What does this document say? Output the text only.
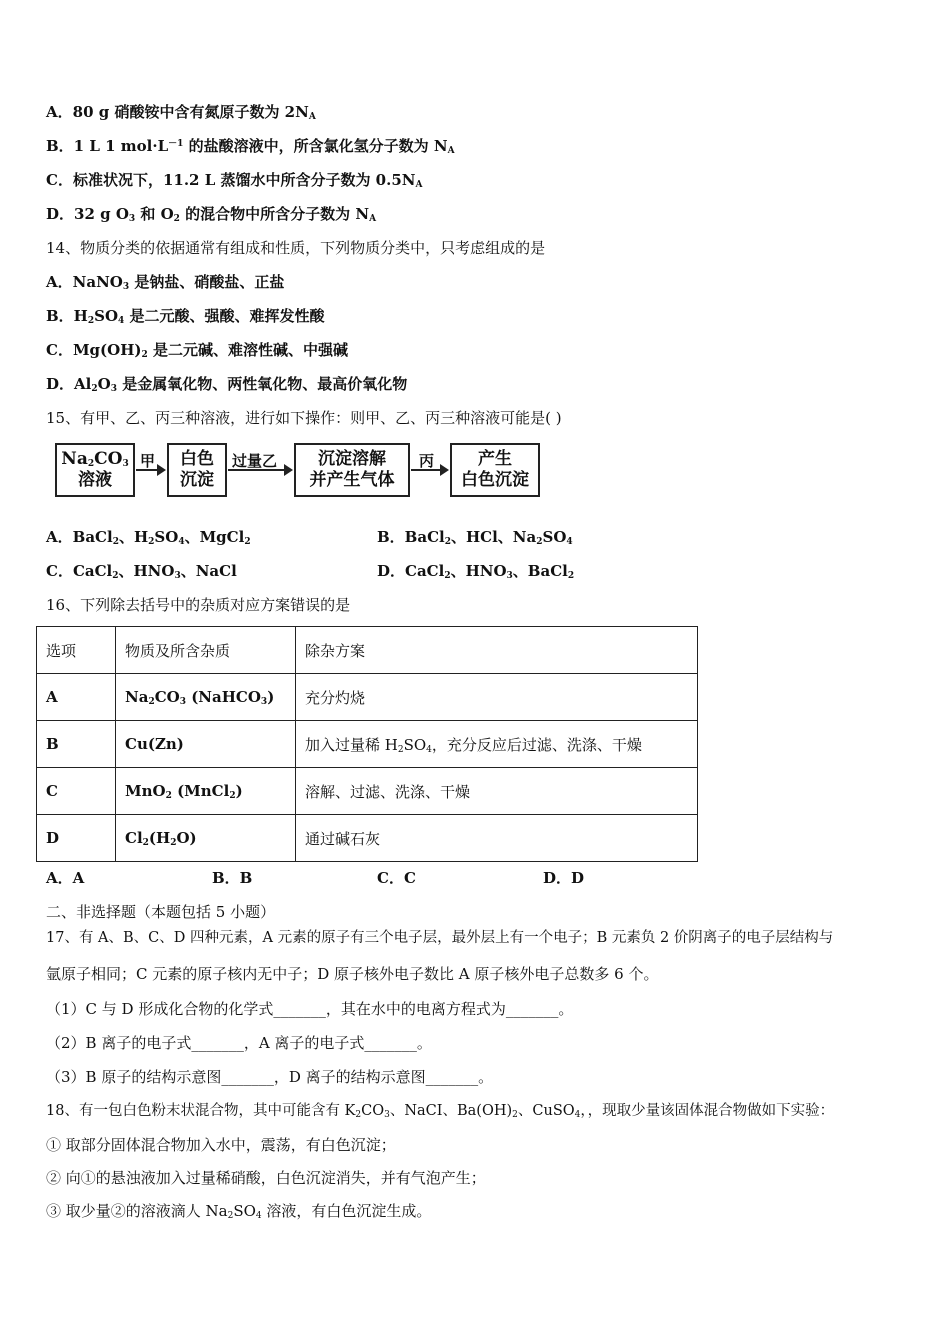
A．80 g 硝酸铵中含有氮原子数为 $2N_A$
B．1 L 1 $mol\cdot L^{-1}$ 的盐酸溶液中，所含氯化氢分子数为 $N_A$
C．标准状况下，11.2 L 蒸馏水中所含分子数为 $0.5N_A$
D．32 g $O_3$ 和 $O_2$ 的混合物中所含分子数为 $N_A$
14、物质分类的依据通常有组成和性质，下列物质分类中，只考虑组成的是
A．NaNO$_3$ 是钠盐、硝酸盐、正盐
B．$H_2SO_4$ 是二元酸、强酸、难挥发性酸
C．$Mg(OH)_2$ 是二元碱、难溶性碱、中强碱
D．$Al_2O_3$ 是金属氧化物、两性氧化物、最高价氧化物
15、有甲、乙、丙三种溶液，进行如下操作：则甲、乙、丙三种溶液可能是( )
$Na_2CO_3$
溶液
甲	白色
沉淀
过量乙	沉淀溶解
并产生气体
丙	产生
白色沉淀
A．BaCl$_2$、$H_2SO_4$、MgCl$_2$	B．BaCl$_2$、HCl、$Na_2SO_4$
C．CaCl$_2$、$HNO_3$、NaCl	D．CaCl$_2$、$HNO_3$、BaCl$_2$
16、下列除去括号中的杂质对应方案错误的是
选项	物质及所含杂质	除杂方案
A	$Na_2CO_3$ (NaHCO$_3$)	充分灼烧
B	Cu(Zn)	加入过量稀 $H_2SO_4$，充分反应后过滤、洗涤、干燥
C	MnO$_2$ (MnCl$_2$)	溶解、过滤、洗涤、干燥
D	$Cl_2(H_2O)$	通过碱石灰
A．A	B．B	C．C	D．D
二、非选择题（本题包括 5 小题）
17、有 A、B、C、D 四种元素，A 元素的原子有三个电子层，最外层上有一个电子；B 元素负 2 价阴离子的电子层结构与
氩原子相同；C 元素的原子核内无中子；D 原子核外电子数比 A 原子核外电子总数多 6 个。
（1）C 与 D 形成化合物的化学式_______，其在水中的电离方程式为_______。
（2）B 离子的电子式_______，A 离子的电子式_______。
（3）B 原子的结构示意图_______，D 离子的结构示意图_______。
18、有一包白色粉末状混合物，其中可能含有 $K_2CO_3$、NaCI、$Ba(OH)_2$、CuSO$_4$，，现取少量该固体混合物做如下实验：
① 取部分固体混合物加入水中，震荡，有白色沉淀；
② 向①的悬浊液加入过量稀硝酸，白色沉淀消失，并有气泡产生；
③ 取少量②的溶液滴人 $Na_2SO_4$ 溶液，有白色沉淀生成。
